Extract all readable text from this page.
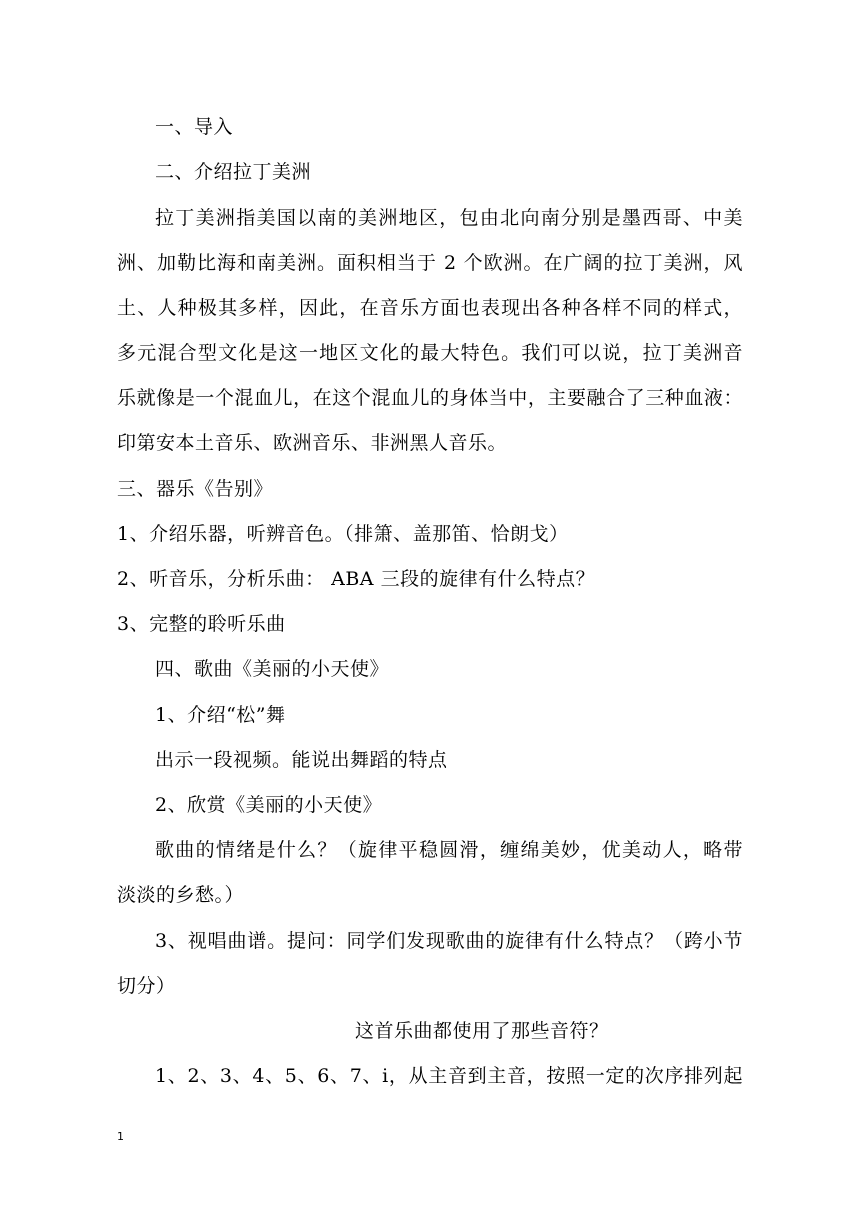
一、导入
二、介绍拉丁美洲
拉丁美洲指美国以南的美洲地区，包由北向南分别是墨西哥、中美
洲、加勒比海和南美洲。面积相当于 2 个欧洲。在广阔的拉丁美洲，风
土、人种极其多样，因此，在音乐方面也表现出各种各样不同的样式，
多元混合型文化是这一地区文化的最大特色。我们可以说，拉丁美洲音
乐就像是一个混血儿，在这个混血儿的身体当中，主要融合了三种血液：
印第安本土音乐、欧洲音乐、非洲黑人音乐。
三、器乐《告别》
1、介绍乐器，听辨音色。（排箫、盖那笛、恰朗戈）
2、听音乐，分析乐曲： ABA 三段的旋律有什么特点？
3、完整的聆听乐曲
四、歌曲《美丽的小天使》
1、介绍“松”舞
出示一段视频。能说出舞蹈的特点
2、欣赏《美丽的小天使》
歌曲的情绪是什么？（旋律平稳圆滑，缠绵美妙，优美动人，略带
淡淡的乡愁。）
3、视唱曲谱。提问：同学们发现歌曲的旋律有什么特点？（跨小节
切分）
这首乐曲都使用了那些音符？
1、2、3、4、5、6、7、i，从主音到主音，按照一定的次序排列起
1
